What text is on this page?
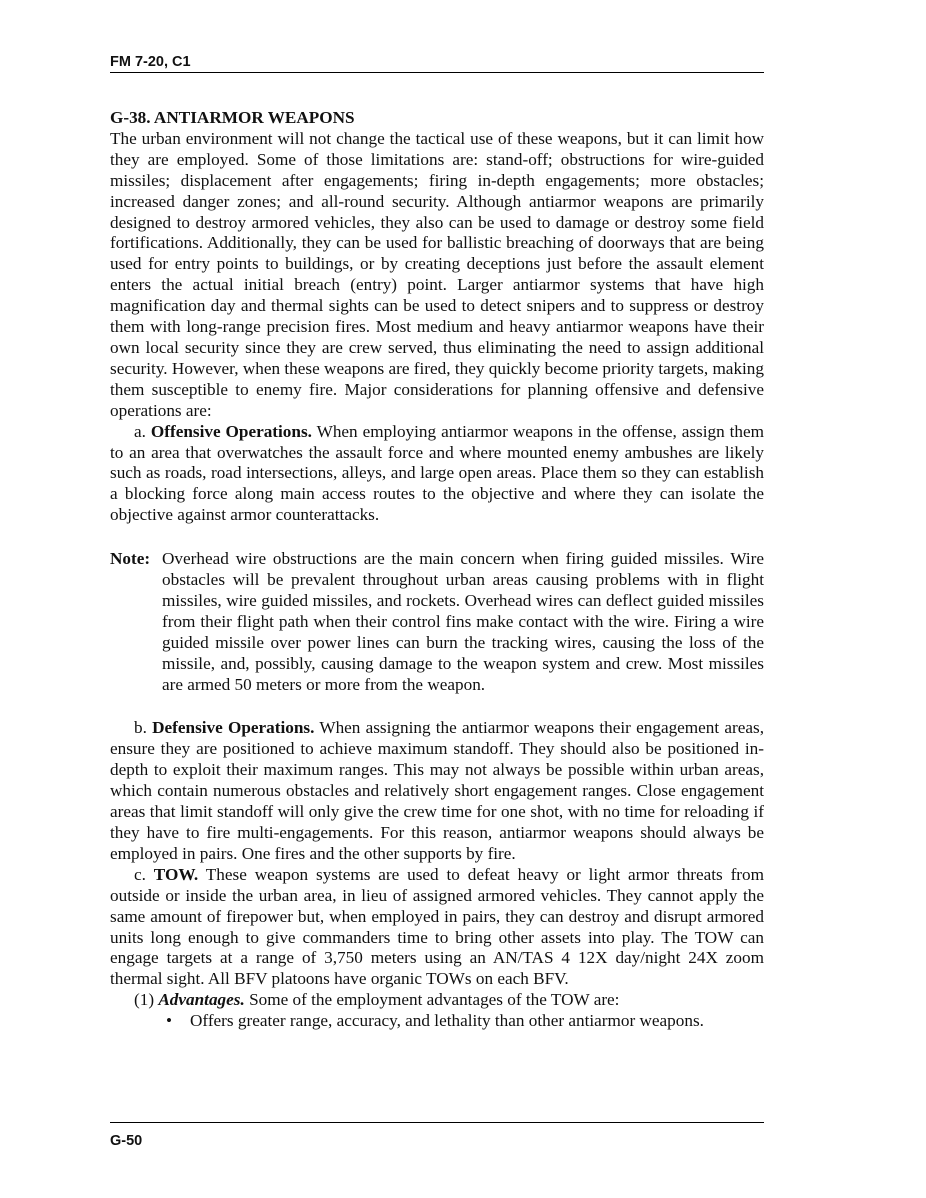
FM 7-20, C1

G-38. ANTIARMOR WEAPONS

The urban environment will not change the tactical use of these weapons, but it can limit how they are employed. Some of those limitations are: stand-off; obstructions for wire-guided missiles; displacement after engagements; firing in-depth engagements; more obstacles; increased danger zones; and all-round security. Although antiarmor weapons are primarily designed to destroy armored vehicles, they also can be used to damage or destroy some field fortifications. Additionally, they can be used for ballistic breaching of doorways that are being used for entry points to buildings, or by creating deceptions just before the assault element enters the actual initial breach (entry) point. Larger antiarmor systems that have high magnification day and thermal sights can be used to detect snipers and to suppress or destroy them with long-range precision fires. Most medium and heavy antiarmor weapons have their own local security since they are crew served, thus eliminating the need to assign additional security. However, when these weapons are fired, they quickly become priority targets, making them susceptible to enemy fire. Major considerations for planning offensive and defensive operations are:

a. Offensive Operations. When employing antiarmor weapons in the offense, assign them to an area that overwatches the assault force and where mounted enemy ambushes are likely such as roads, road intersections, alleys, and large open areas. Place them so they can establish a blocking force along main access routes to the objective and where they can isolate the objective against armor counterattacks.

Note: Overhead wire obstructions are the main concern when firing guided missiles. Wire obstacles will be prevalent throughout urban areas causing problems with in flight missiles, wire guided missiles, and rockets. Overhead wires can deflect guided missiles from their flight path when their control fins make contact with the wire. Firing a wire guided missile over power lines can burn the tracking wires, causing the loss of the missile, and, possibly, causing damage to the weapon system and crew. Most missiles are armed 50 meters or more from the weapon.

b. Defensive Operations. When assigning the antiarmor weapons their engagement areas, ensure they are positioned to achieve maximum standoff. They should also be positioned in-depth to exploit their maximum ranges. This may not always be possible within urban areas, which contain numerous obstacles and relatively short engagement ranges. Close engagement areas that limit standoff will only give the crew time for one shot, with no time for reloading if they have to fire multi-engagements. For this reason, antiarmor weapons should always be employed in pairs. One fires and the other supports by fire.

c. TOW. These weapon systems are used to defeat heavy or light armor threats from outside or inside the urban area, in lieu of assigned armored vehicles. They cannot apply the same amount of firepower but, when employed in pairs, they can destroy and disrupt armored units long enough to give commanders time to bring other assets into play. The TOW can engage targets at a range of 3,750 meters using an AN/TAS 4 12X day/night 24X zoom thermal sight. All BFV platoons have organic TOWs on each BFV.

(1) Advantages. Some of the employment advantages of the TOW are:

•	Offers greater range, accuracy, and lethality than other antiarmor weapons.
G-50
